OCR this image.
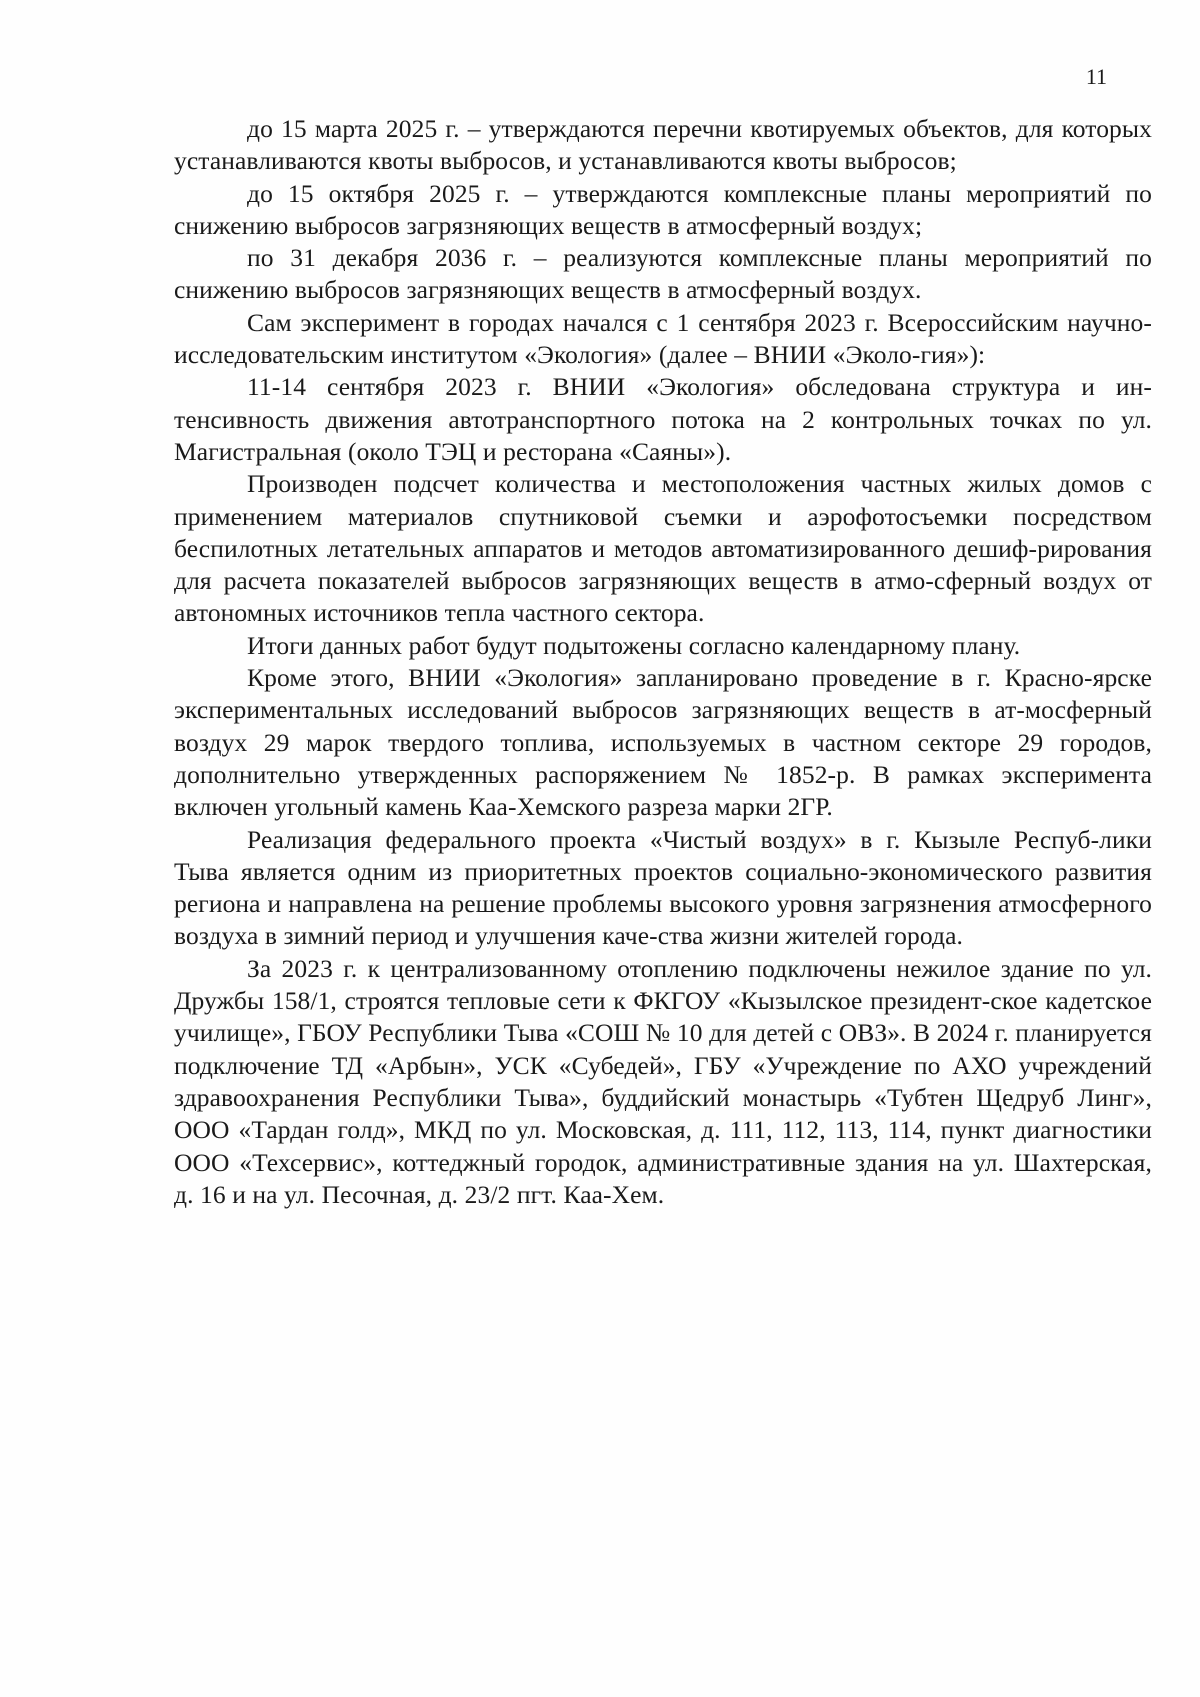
11

до 15 марта 2025 г. – утверждаются перечни квотируемых объектов, для которых устанавливаются квоты выбросов, и устанавливаются квоты выбросов;

до 15 октября 2025 г. – утверждаются комплексные планы мероприятий по снижению выбросов загрязняющих веществ в атмосферный воздух;

по 31 декабря 2036 г. – реализуются комплексные планы мероприятий по снижению выбросов загрязняющих веществ в атмосферный воздух.

Сам эксперимент в городах начался с 1 сентября 2023 г. Всероссийским научно-исследовательским институтом «Экология» (далее – ВНИИ «Эколо-гия»):

11-14 сентября 2023 г. ВНИИ «Экология» обследована структура и ин-тенсивность движения автотранспортного потока на 2 контрольных точках по ул. Магистральная (около ТЭЦ и ресторана «Саяны»).

Производен подсчет количества и местоположения частных жилых домов с применением материалов спутниковой съемки и аэрофотосъемки посредством беспилотных летательных аппаратов и методов автоматизированного дешиф-рирования для расчета показателей выбросов загрязняющих веществ в атмо-сферный воздух от автономных источников тепла частного сектора.

Итоги данных работ будут подытожены согласно календарному плану.

Кроме этого, ВНИИ «Экология» запланировано проведение в г. Красно-ярске экспериментальных исследований выбросов загрязняющих веществ в ат-мосферный воздух 29 марок твердого топлива, используемых в частном секторе 29 городов, дополнительно утвержденных распоряжением № 1852-р. В рамках эксперимента включен угольный камень Каа-Хемского разреза марки 2ГР.

Реализация федерального проекта «Чистый воздух» в г. Кызыле Респуб-лики Тыва является одним из приоритетных проектов социально-экономического развития региона и направлена на решение проблемы высокого уровня загрязнения атмосферного воздуха в зимний период и улучшения каче-ства жизни жителей города.

За 2023 г. к централизованному отоплению подключены нежилое здание по ул. Дружбы 158/1, строятся тепловые сети к ФКГОУ «Кызылское президент-ское кадетское училище», ГБОУ Республики Тыва «СОШ № 10 для детей с ОВЗ». В 2024 г. планируется подключение ТД «Арбын», УСК «Субедей», ГБУ «Учреждение по АХО учреждений здравоохранения Республики Тыва», буддийский монастырь «Тубтен Щедруб Линг», ООО «Тардан голд», МКД по ул. Московская, д. 111, 112, 113, 114, пункт диагностики ООО «Техсервис», коттеджный городок, административные здания на ул. Шахтерская, д. 16 и на ул. Песочная, д. 23/2 пгт. Каа-Хем.
